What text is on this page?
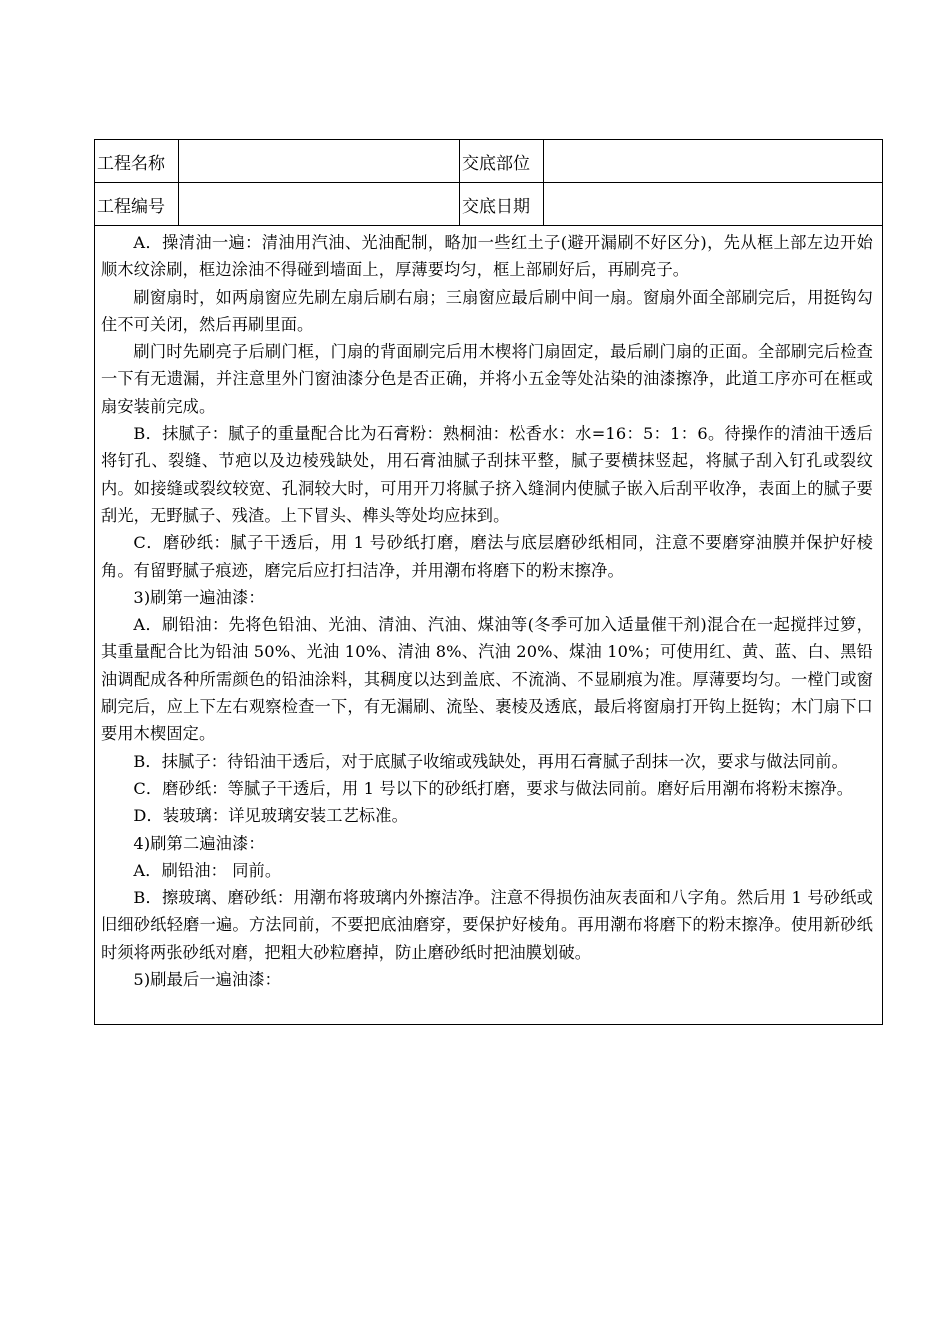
工程名称	交底部位
工程编号	交底日期

A．操清油一遍：清油用汽油、光油配制，略加一些红土子(避开漏刷不好区分)，先从框上部左边开始顺木纹涂刷，框边涂油不得碰到墙面上，厚薄要均匀，框上部刷好后，再刷亮子。

刷窗扇时，如两扇窗应先刷左扇后刷右扇；三扇窗应最后刷中间一扇。窗扇外面全部刷完后，用挺钩勾住不可关闭，然后再刷里面。

刷门时先刷亮子后刷门框，门扇的背面刷完后用木楔将门扇固定，最后刷门扇的正面。全部刷完后检查一下有无遗漏，并注意里外门窗油漆分色是否正确，并将小五金等处沾染的油漆擦净，此道工序亦可在框或扇安装前完成。

B．抹腻子：腻子的重量配合比为石膏粉：熟桐油：松香水：水=16：5：1：6。待操作的清油干透后将钉孔、裂缝、节疤以及边棱残缺处，用石膏油腻子刮抹平整，腻子要横抹竖起，将腻子刮入钉孔或裂纹内。如接缝或裂纹较宽、孔洞较大时，可用开刀将腻子挤入缝洞内使腻子嵌入后刮平收净，表面上的腻子要刮光，无野腻子、残渣。上下冒头、榫头等处均应抹到。

C．磨砂纸：腻子干透后，用 1 号砂纸打磨，磨法与底层磨砂纸相同，注意不要磨穿油膜并保护好棱角。有留野腻子痕迹，磨完后应打扫洁净，并用潮布将磨下的粉末擦净。

3)刷第一遍油漆：

A．刷铅油：先将色铅油、光油、清油、汽油、煤油等(冬季可加入适量催干剂)混合在一起搅拌过箩，其重量配合比为铅油 50%、光油 10%、清油 8%、汽油 20%、煤油 10%；可使用红、黄、蓝、白、黑铅油调配成各种所需颜色的铅油涂料，其稠度以达到盖底、不流淌、不显刷痕为准。厚薄要均匀。一樘门或窗刷完后，应上下左右观察检查一下，有无漏刷、流坠、裹棱及透底，最后将窗扇打开钩上挺钩；木门扇下口要用木楔固定。

B．抹腻子：待铅油干透后，对于底腻子收缩或残缺处，再用石膏腻子刮抹一次，要求与做法同前。

C．磨砂纸：等腻子干透后，用 1 号以下的砂纸打磨，要求与做法同前。磨好后用潮布将粉末擦净。

D．装玻璃：详见玻璃安装工艺标准。

4)刷第二遍油漆：

A．刷铅油： 同前。

B．擦玻璃、磨砂纸：用潮布将玻璃内外擦洁净。注意不得损伤油灰表面和八字角。然后用 1 号砂纸或旧细砂纸轻磨一遍。方法同前，不要把底油磨穿，要保护好棱角。再用潮布将磨下的粉末擦净。使用新砂纸时须将两张砂纸对磨，把粗大砂粒磨掉，防止磨砂纸时把油膜划破。

5)刷最后一遍油漆：
